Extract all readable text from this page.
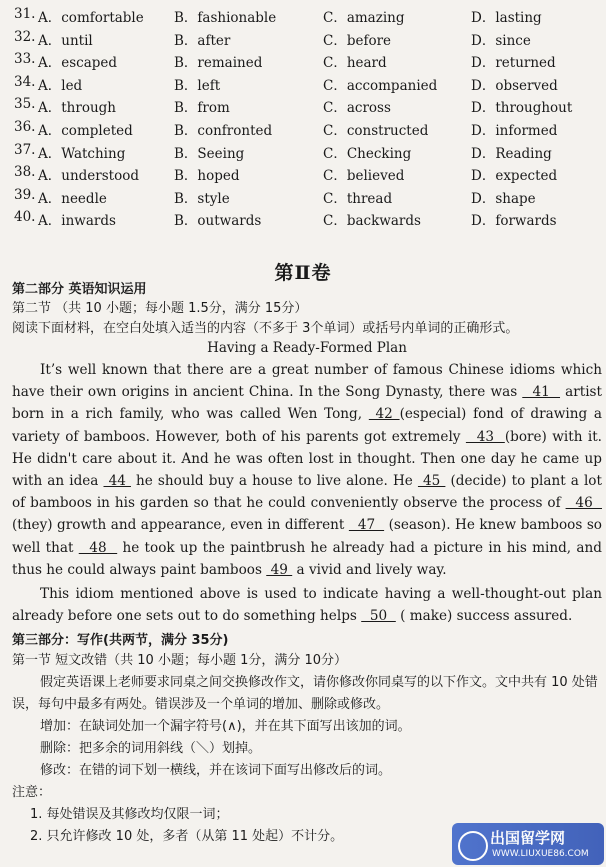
31. A．comfortable B．fashionable	C．amazing	D．lasting
32. A．until	B．after	C．before	D．since
33. A．escaped	B．remained	C．heard	D．returned
34. A．led	B．left	C．accompanied D．observed
35. A．through	B．from	C．across	D．throughout
36. A．completed	B．confronted	C．constructed	D．informed
37. A．Watching	B．Seeing	C．Checking	D．Reading
38. A．understood	B．hoped	C．believed	D．expected
39. A．needle	B．style	C．thread	D．shape
40. A．inwards	B．outwards	C．backwards	D．forwards
第Ⅱ卷
第二部分 英语知识运用
第二节 （共 10 小题；每小题 1.5分，满分 15分）
阅读下面材料，在空白处填入适当的内容（不多于 3个单词）或括号内单词的正确形式。
Having a Ready-Formed Plan
It’s well known that there are a great number of famous Chinese idioms which have their own origins in ancient China. In the Song Dynasty, there was   41   artist born in a rich family, who was called Wen Tong,  42 (especial) fond of drawing a variety of bamboos. However, both of his parents got extremely   43  (bore) with it. He didn't care about it. And he was often lost in thought. Then one day he came up with an idea  44  he should buy a house to live alone. He  45  (decide) to plant a lot of bamboos in his garden so that he could conveniently observe the process of   46   (they) growth and appearance, even in different   47   (season). He knew bamboos so well that   48   he took up the paintbrush he already had a picture in his mind, and thus he could always paint bamboos  49  a vivid and lively way.
This idiom mentioned above is used to indicate having a well-thought-out plan already before one sets out to do something helps   50   ( make) success assured.
第三部分：写作(共两节，满分 35分)
第一节 短文改错（共 10 小题；每小题 1分，满分 10分）
假定英语课上老师要求同桌之间交换修改作文，请你修改你同桌写的以下作文。文中共有 10 处错误，每句中最多有两处。错误涉及一个单词的增加、删除或修改。
增加：在缺词处加一个漏字符号(∧)，并在其下面写出该加的词。
删除：把多余的词用斜线（＼）划掉。
修改：在错的词下划一横线，并在该词下面写出修改后的词。
注意：
1. 每处错误及其修改均仅限一词；
2. 只允许修改 10 处，多者（从第 11 处起）不计分。	出国留学网
WWW.LIUXUE86.COM
